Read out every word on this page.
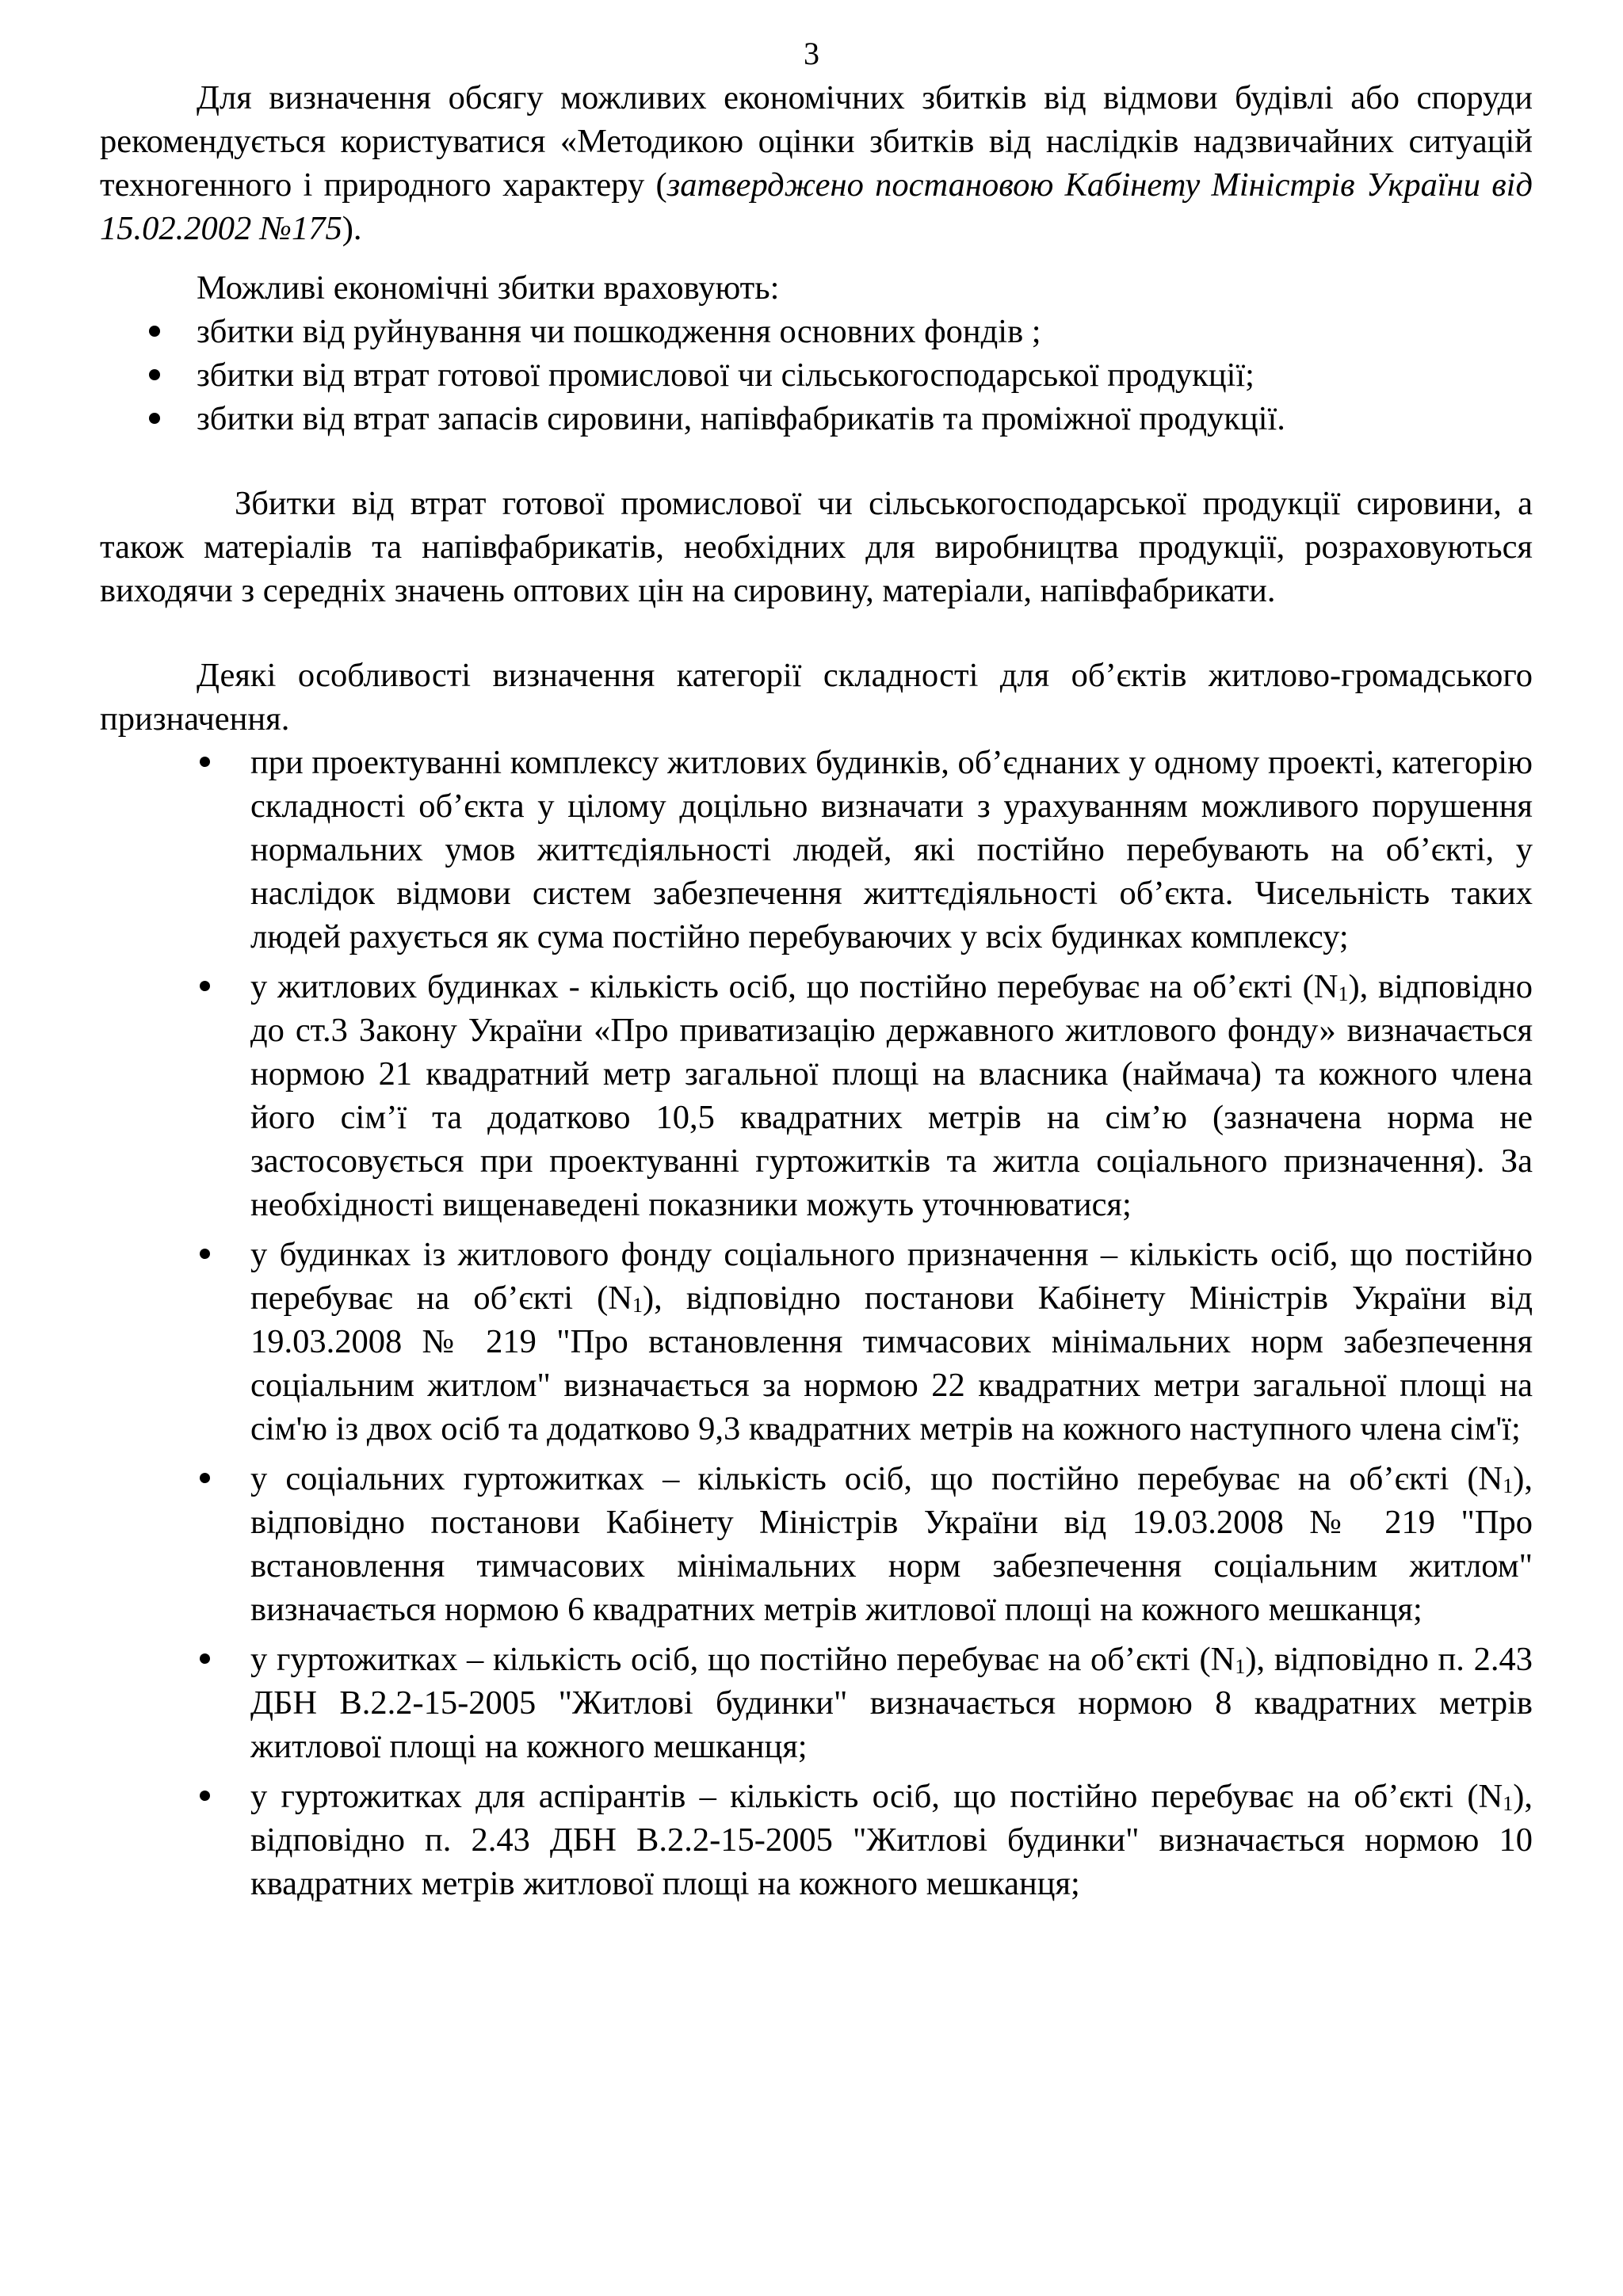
3

Для визначення обсягу можливих економічних збитків від відмови будівлі або споруди рекомендується користуватися «Методикою оцінки збитків від наслідків надзвичайних ситуацій техногенного і природного характеру (затверджено постановою Кабінету Міністрів України від 15.02.2002 №175).

Можливі економічні збитки враховують:

збитки від руйнування чи пошкодження основних фондів ;
збитки від втрат готової промислової чи сільськогосподарської продукції;
збитки від втрат запасів сировини, напівфабрикатів та проміжної продукції.

Збитки від втрат готової промислової чи сільськогосподарської продукції сировини, а також матеріалів та напівфабрикатів, необхідних для виробництва продукції, розраховуються виходячи з середніх значень оптових цін на сировину, матеріали, напівфабрикати.

Деякі особливості визначення категорії складності для об’єктів житлово-громадського призначення.

при проектуванні комплексу житлових будинків, об’єднаних у одному проекті, категорію складності об’єкта у цілому доцільно визначати з урахуванням можливого порушення нормальних умов життєдіяльності людей, які постійно перебувають на об’єкті, у наслідок відмови систем забезпечення життєдіяльності об’єкта. Чисельність таких людей рахується як сума постійно перебуваючих у всіх будинках комплексу;
у житлових будинках - кількість осіб, що постійно перебуває на об’єкті $(N_1)$, відповідно до ст.3 Закону України «Про приватизацію державного житлового фонду» визначається нормою 21 квадратний метр загальної площі на власника (наймача) та кожного члена його сім’ї та додатково 10,5 квадратних метрів на сім’ю (зазначена норма не застосовується при проектуванні гуртожитків та житла соціального призначення). За необхідності вищенаведені показники можуть уточнюватися;
у будинках із житлового фонду соціального призначення – кількість осіб, що постійно перебуває на об’єкті $(N_1)$, відповідно постанови Кабінету Міністрів України від 19.03.2008 № 219 "Про встановлення тимчасових мінімальних норм забезпечення соціальним житлом" визначається за нормою 22 квадратних метри загальної площі на сім'ю із двох осіб та додатково 9,3 квадратних метрів на кожного наступного члена сім'ї;
у соціальних гуртожитках – кількість осіб, що постійно перебуває на об’єкті $(N_1)$, відповідно постанови Кабінету Міністрів України від 19.03.2008 № 219 "Про встановлення тимчасових мінімальних норм забезпечення соціальним житлом" визначається нормою 6 квадратних метрів житлової площі на кожного мешканця;
у гуртожитках – кількість осіб, що постійно перебуває на об’єкті $(N_1)$, відповідно п. 2.43 ДБН В.2.2-15-2005 "Житлові будинки" визначається нормою 8 квадратних метрів житлової площі на кожного мешканця;
у гуртожитках для аспірантів – кількість осіб, що постійно перебуває на об’єкті $(N_1)$, відповідно п. 2.43 ДБН В.2.2-15-2005 "Житлові будинки" визначається нормою 10 квадратних метрів житлової площі на кожного мешканця;
